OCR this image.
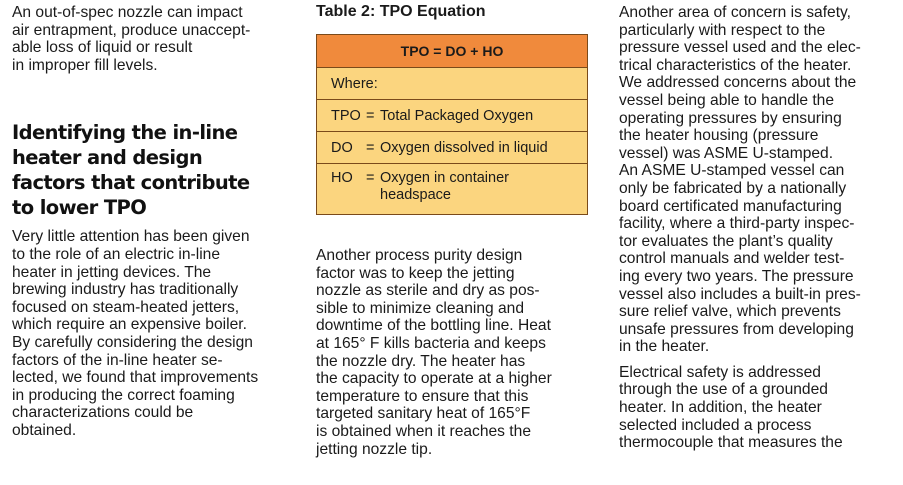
An out-of-spec nozzle can impact
air entrapment, produce unaccept-
able loss of liquid or result
in improper fill levels.
Identifying the in-line
heater and design
factors that contribute
to lower TPO
Very little attention has been given
to the role of an electric in-line
heater in jetting devices. The
brewing industry has traditionally
focused on steam-heated jetters,
which require an expensive boiler.
By carefully considering the design
factors of the in-line heater se-
lected, we found that improvements
in producing the correct foaming
characterizations could be
obtained.
Table 2: TPO Equation
TPO = DO + HO
Where:
TPO = Total Packaged Oxygen
DO = Oxygen dissolved in liquid
HO = Oxygen in container headspace
Another process purity design
factor was to keep the jetting
nozzle as sterile and dry as pos-
sible to minimize cleaning and
downtime of the bottling line. Heat
at 165° F kills bacteria and keeps
the nozzle dry. The heater has
the capacity to operate at a higher
temperature to ensure that this
targeted sanitary heat of 165°F
is obtained when it reaches the
jetting nozzle tip.
Another area of concern is safety,
particularly with respect to the
pressure vessel used and the elec-
trical characteristics of the heater.
We addressed concerns about the
vessel being able to handle the
operating pressures by ensuring
the heater housing (pressure
vessel) was ASME U-stamped.
An ASME U-stamped vessel can
only be fabricated by a nationally
board certificated manufacturing
facility, where a third-party inspec-
tor evaluates the plant’s quality
control manuals and welder test-
ing every two years. The pressure
vessel also includes a built-in pres-
sure relief valve, which prevents
unsafe pressures from developing
in the heater.
Electrical safety is addressed
through the use of a grounded
heater. In addition, the heater
selected included a process
thermocouple that measures the
